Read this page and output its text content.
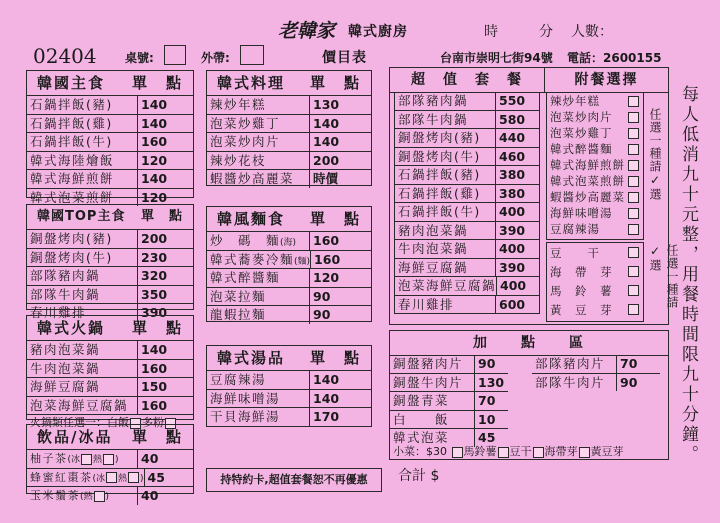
老韓家 韓式廚房	時	分 人數：
02404 桌號:	外帶:	價目表	台南市崇明七街94號 電話：2600155
韓國主食 單　點
石鍋拌飯(豬)	140
石鍋拌飯(雞)	140
石鍋拌飯(牛)	160
韓式海陸燴飯	120
韓式海鮮煎餅	140
韓式泡菜煎餅	120
韓國TOP主食 單　點
銅盤烤肉(豬)	200
銅盤烤肉(牛)	230
部隊豬肉鍋	320
部隊牛肉鍋	350
春川雞排	390
韓式火鍋 單　點
豬肉泡菜鍋	140
牛肉泡菜鍋	160
海鮮豆腐鍋	150
泡菜海鮮豆腐鍋	160
火鍋類任選一：白飯 多粉
飲品/冰品 單　點
柚子茶(冰 熱 )	40
蜂蜜紅棗茶(冰 熱 ) 45
玉米鬚茶(熱 )	40
韓式料理 單　點
辣炒年糕	130
泡菜炒雞丁	140
泡菜炒肉片	140
辣炒花枝	200
蝦醬炒高麗菜	時價
韓風麵食 單　點
炒　碼　麵(海)	160
韓式蕎麥冷麵(麵) 160
韓式醉醬麵	120
泡菜拉麵	90
龍蝦拉麵	90
韓式湯品 單　點
豆腐辣湯	140
海鮮味噌湯	140
干貝海鮮湯	170
持特約卡,超值套餐恕不再優惠
超　值　套　餐	附餐選擇
部隊豬肉鍋	550
部隊牛肉鍋	580
銅盤烤肉(豬)	440
銅盤烤肉(牛)	460
石鍋拌飯(豬)	380
石鍋拌飯(雞)	380
石鍋拌飯(牛)	400
豬肉泡菜鍋	390
牛肉泡菜鍋	400
海鮮豆腐鍋	390
泡菜海鮮豆腐鍋 400
春川雞排	600
辣炒年糕
泡菜炒肉片
泡菜炒雞丁
韓式醉醬麵
韓式海鮮煎餅
韓式泡菜煎餅
蝦醬炒高麗菜
海鮮味噌湯
豆腐辣湯
任選一種請✓選
豆　　干
海　帶　芽
馬　鈴　薯
黃　豆　芽
任選一種請✓選
加　　點　　區
銅盤豬肉片	90
銅盤牛肉片	130
銅盤青菜	70
白　　飯	10
韓式泡菜	45
部隊豬肉片	70
部隊牛肉片	90
小菜：$30 馬鈴薯 豆干 海帶芽 黃豆芽
合計 $
每人低消九十元整，用餐時間限九十分鐘。
